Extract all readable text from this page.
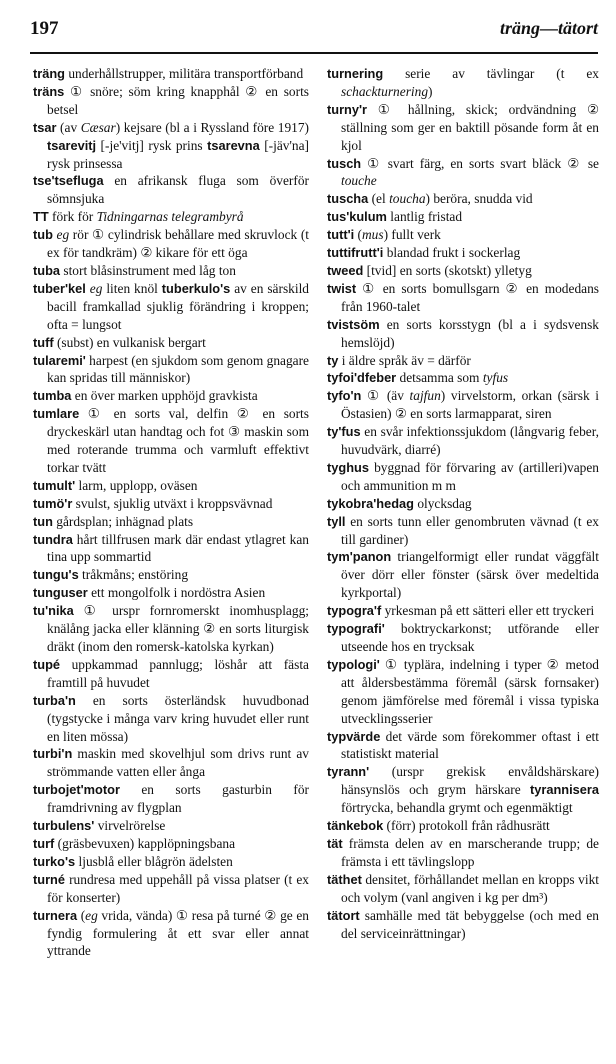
197	träng—tätort

träng underhållstrupper, militära transportförband

träns ① snöre; söm kring knapphål ② en sorts betsel

tsar (av Cæsar) kejsare (bl a i Ryssland före 1917) tsarevitj [-je'vitj] rysk prins tsarevna [-jäv'na] rysk prinsessa

tse'tsefluga en afrikansk fluga som överför sömnsjuka

TT förk för Tidningarnas telegrambyrå

tub eg rör ① cylindrisk behållare med skruvlock (t ex för tandkräm) ② kikare för ett öga

tuba stort blåsinstrument med låg ton

tuber'kel eg liten knöl tuberkulo's av en särskild bacill framkallad sjuklig förändring i kroppen; ofta = lungsot

tuff (subst) en vulkanisk bergart

tularemi' harpest (en sjukdom som genom gnagare kan spridas till människor)

tumba en över marken upphöjd gravkista

tumlare ① en sorts val, delfin ② en sorts dryckeskärl utan handtag och fot ③ maskin som med roterande trumma och varmluft effektivt torkar tvätt

tumult' larm, upplopp, oväsen

tumö'r svulst, sjuklig utväxt i kroppsvävnad

tun gårdsplan; inhägnad plats

tundra hårt tillfrusen mark där endast ytlagret kan tina upp sommartid

tungu's tråkmåns; enstöring

tunguser ett mongolfolk i nordöstra Asien

tu'nika ① urspr fornromerskt inomhusplagg; knälång jacka eller klänning ② en sorts liturgisk dräkt (inom den romersk-katolska kyrkan)

tupé uppkammad pannlugg; löshår att fästa framtill på huvudet

turba'n en sorts österländsk huvudbonad (tygstycke i många varv kring huvudet eller runt en liten mössa)

turbi'n maskin med skovelhjul som drivs runt av strömmande vatten eller ånga

turbojet'motor en sorts gasturbin för framdrivning av flygplan

turbulens' virvelrörelse

turf (gräsbevuxen) kapplöpningsbana

turko's ljusblå eller blågrön ädelsten

turné rundresa med uppehåll på vissa platser (t ex för konserter)

turnera (eg vrida, vända) ① resa på turné ② ge en fyndig formulering åt ett svar eller annat yttrande

turnering serie av tävlingar (t ex schackturnering)

turny'r ① hållning, skick; ordvändning ② ställning som ger en baktill pösande form åt en kjol

tusch ① svart färg, en sorts svart bläck ② se touche

tuscha (el toucha) beröra, snudda vid

tus'kulum lantlig fristad

tutt'i (mus) fullt verk

tuttifrutt'i blandad frukt i sockerlag

tweed [tvid] en sorts (skotskt) ylletyg

twist ① en sorts bomullsgarn ② en modedans från 1960-talet

tvistsöm en sorts korsstygn (bl a i sydsvensk hemslöjd)

ty i äldre språk äv = därför

tyfoi'dfeber detsamma som tyfus

tyfo'n ① (äv tajfun) virvelstorm, orkan (särsk i Östasien) ② en sorts larmapparat, siren

ty'fus en svår infektionssjukdom (långvarig feber, huvudvärk, diarré)

tyghus byggnad för förvaring av (artilleri)vapen och ammunition m m

tykobra'hedag olycksdag

tyll en sorts tunn eller genombruten vävnad (t ex till gardiner)

tym'panon triangelformigt eller rundat väggfält över dörr eller fönster (särsk över medeltida kyrkportal)

typogra'f yrkesman på ett sätteri eller ett tryckeri

typografi' boktryckarkonst; utförande eller utseende hos en trycksak

typologi' ① typlära, indelning i typer ② metod att åldersbestämma föremål (särsk fornsaker) genom jämförelse med föremål i vissa typiska utvecklingsserier

typvärde det värde som förekommer oftast i ett statistiskt material

tyrann' (urspr grekisk envåldshärskare) hänsynslös och grym härskare tyrannisera förtrycka, behandla grymt och egenmäktigt

tänkebok (förr) protokoll från rådhusrätt

tät främsta delen av en marscherande trupp; de främsta i ett tävlingslopp

täthet densitet, förhållandet mellan en kropps vikt och volym (vanl angiven i kg per dm³)

tätort samhälle med tät bebyggelse (och med en del serviceinrättningar)
